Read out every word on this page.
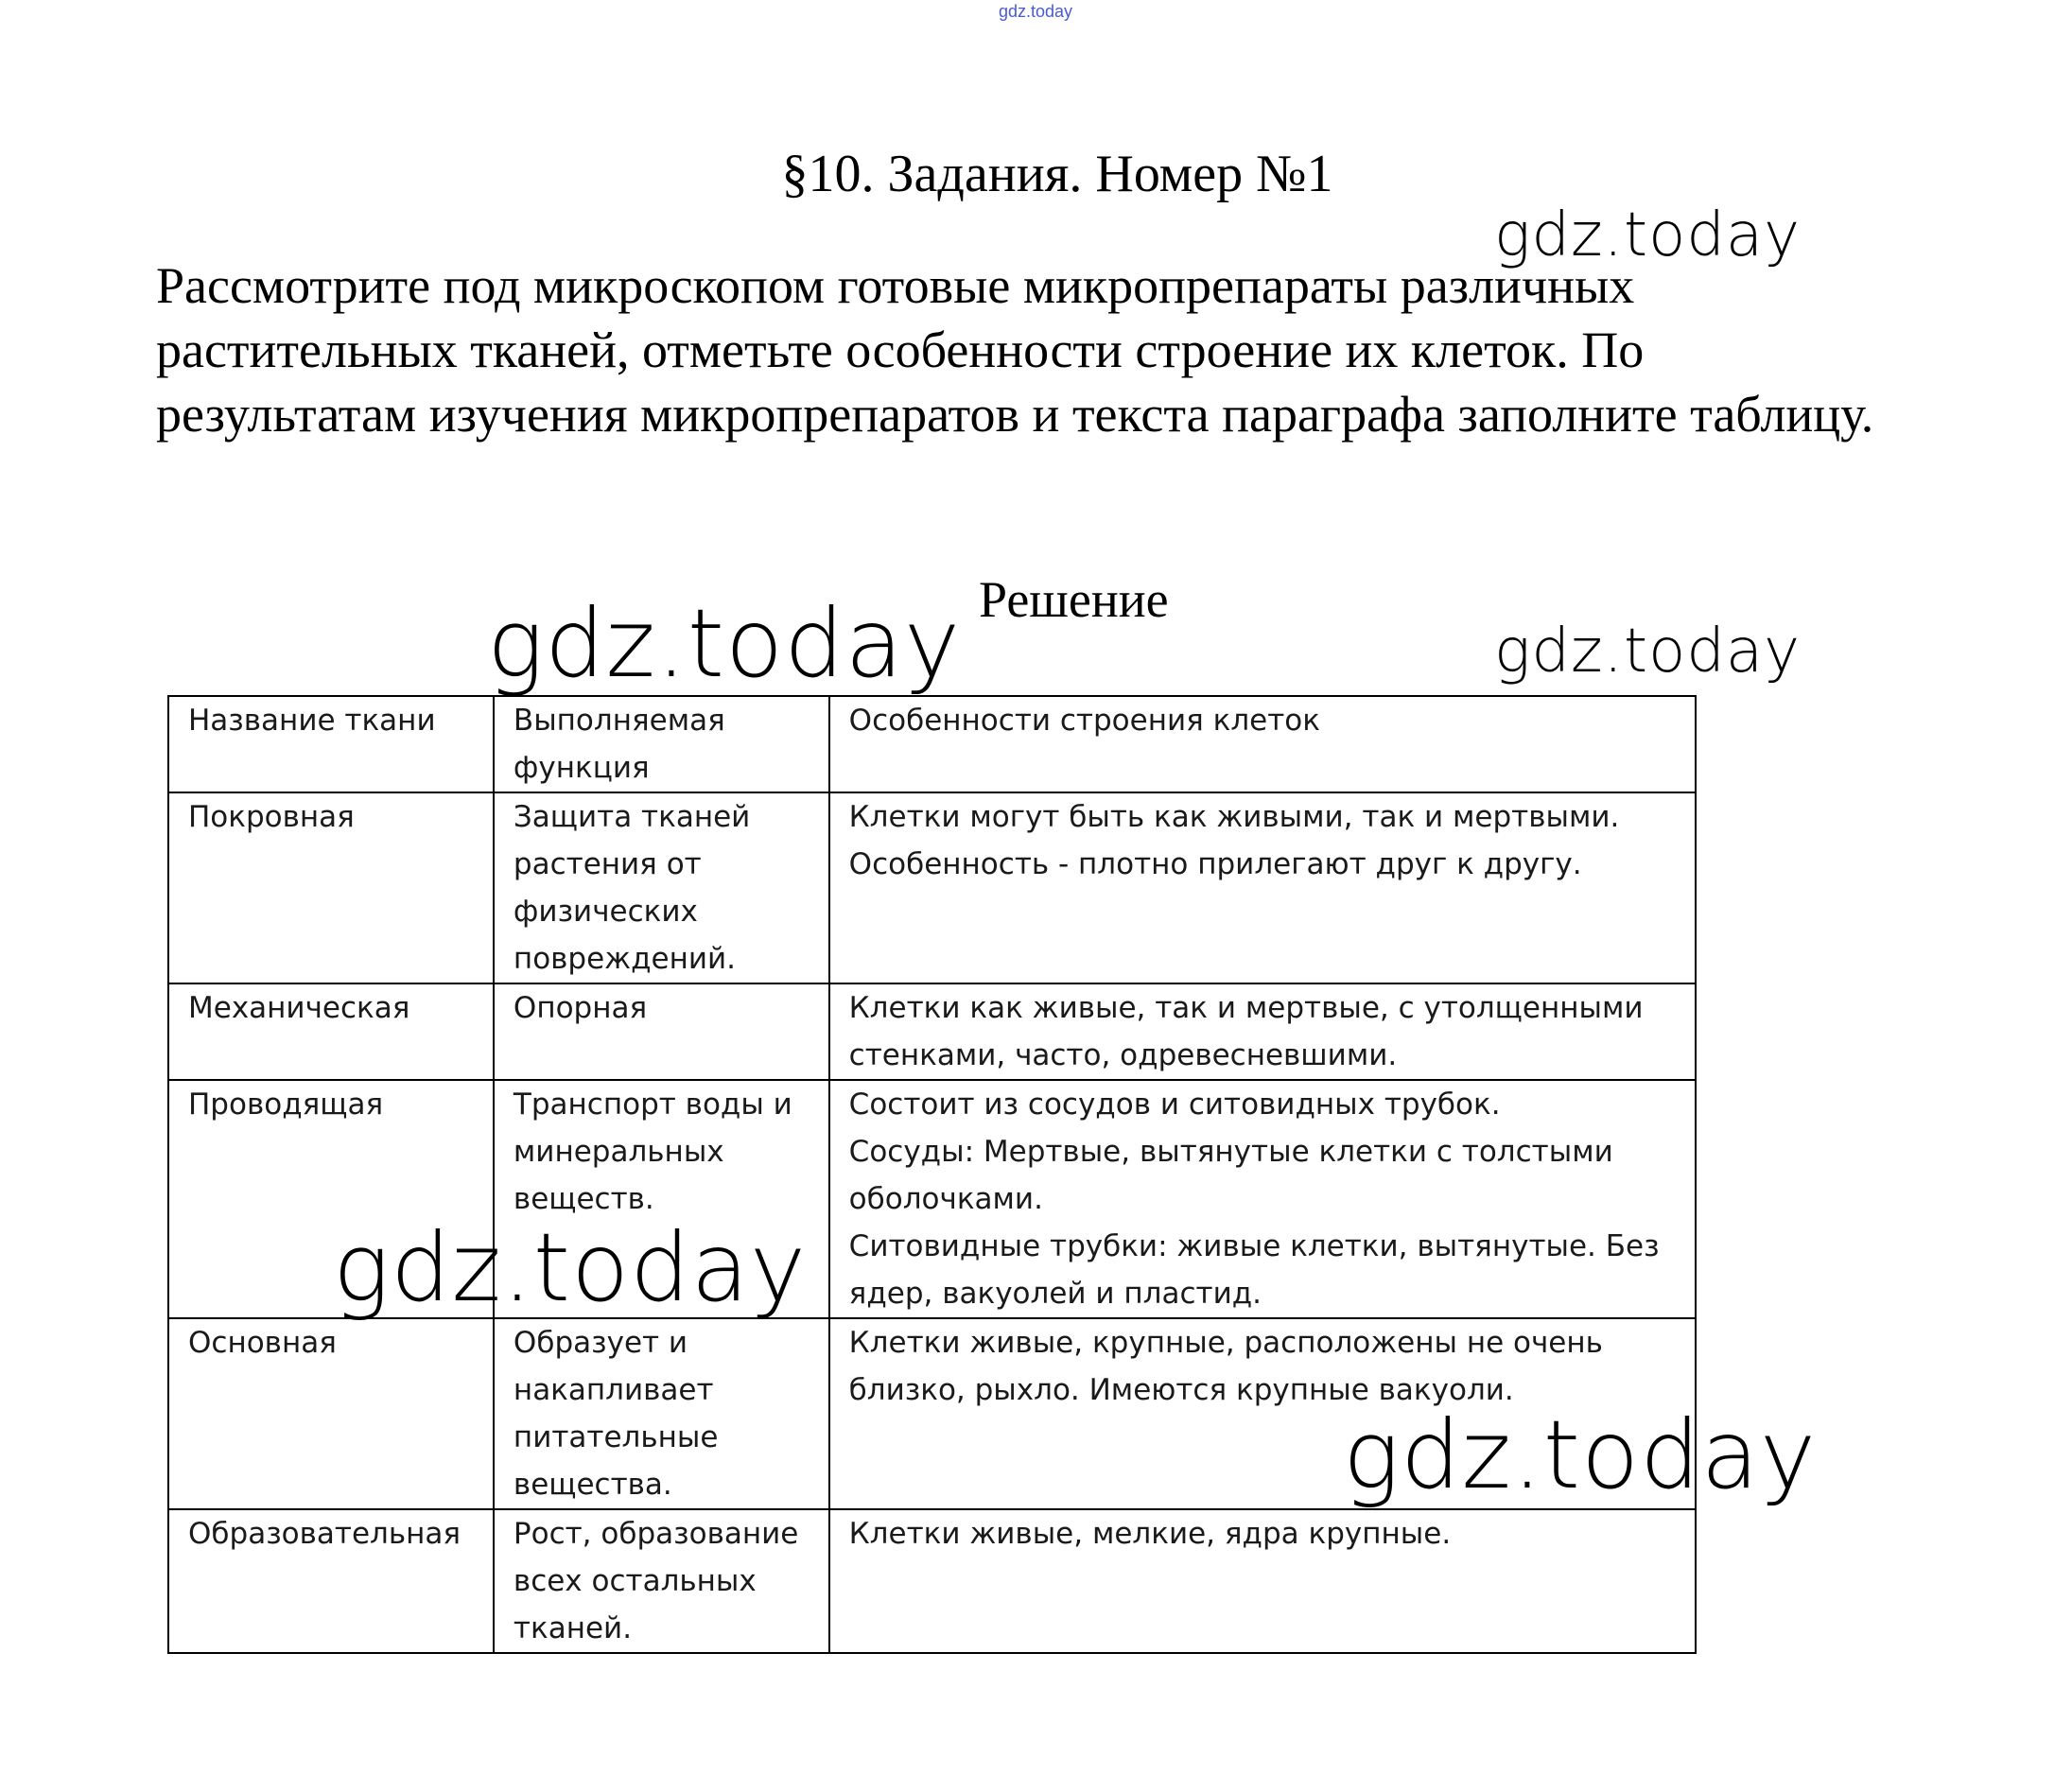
gdz.today
§10. Задания. Номер №1
Рассмотрите под микроскопом готовые микропрепараты различных растительных тканей, отметьте особенности строение их клеток. По результатам изучения микропрепаратов и текста параграфа заполните таблицу.
Решение
Название ткани	Выполняемая функция	Особенности строения клеток
Покровная	Защита тканей растения от физических повреждений.	Клетки могут быть как живыми, так и мертвыми.
Особенность - плотно прилегают друг к другу.

Механическая	Опорная	Клетки как живые, так и мертвые, с утолщенными стенками, часто, одревесневшими.

Проводящая	Транспорт воды и минеральных веществ.	Состоит из сосудов и ситовидных трубок.
Сосуды: Мертвые, вытянутые клетки с толстыми оболочками.
Ситовидные трубки: живые клетки, вытянутые. Без ядер, вакуолей и пластид.

Основная	Образует и накапливает питательные вещества.	Клетки живые, крупные, расположены не очень близко, рыхло. Имеются крупные вакуоли.

Образовательная	Рост, образование всех остальных тканей.	Клетки живые, мелкие, ядра крупные.
gdz.today
gdz.today	gdz.today
gdz.today
gdz.today
